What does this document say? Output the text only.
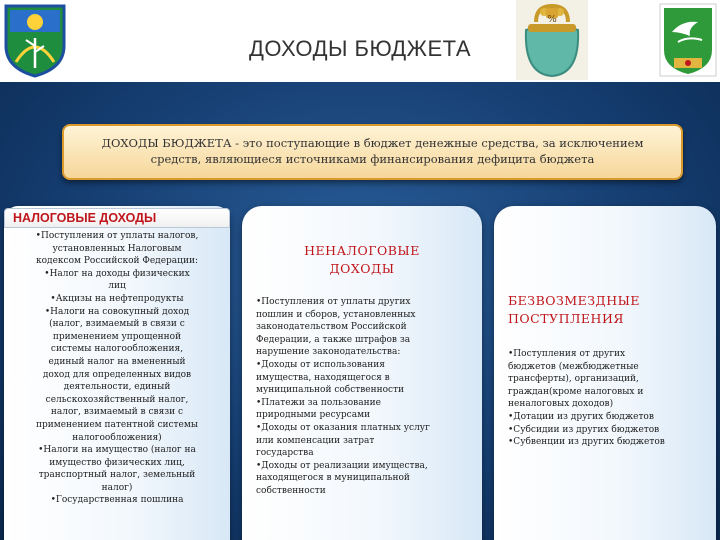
ДОХОДЫ БЮДЖЕТА
%
ДОХОДЫ БЮДЖЕТА - это поступающие в бюджет денежные средства, за исключением средств, являющиеся источниками финансирования дефицита бюджета
НАЛОГОВЫЕ ДОХОДЫ
•Поступления от уплаты налогов,
установленных Налоговым
кодексом Российской Федерации:
•Налог на доходы физических
лиц
•Акцизы на нефтепродукты
•Налоги на совокупный доход
(налог, взимаемый в связи с
применением упрощенной
системы налогообложения,
единый налог на вмененный
доход для определенных видов
деятельности, единый
сельскохозяйственный налог,
налог, взимаемый в связи с
применением патентной системы
налогообложения)
•Налоги на имущество (налог на
имущество физических лиц,
транспортный налог, земельный
налог)
•Государственная пошлина
НЕНАЛОГОВЫЕ
ДОХОДЫ
•Поступления от уплаты других
пошлин и сборов, установленных
законодательством Российской
Федерации, а также штрафов за
нарушение законодательства:
•Доходы от использования
имущества, находящегося в
муниципальной собственности
•Платежи за пользование
природными ресурсами
•Доходы от оказания платных услуг
или компенсации затрат
государства
•Доходы от реализации имущества,
находящегося в муниципальной
собственности
БЕЗВОЗМЕЗДНЫЕ
ПОСТУПЛЕНИЯ
•Поступления от других
бюджетов (межбюджетные
трансферты), организаций,
граждан(кроме налоговых и
неналоговых доходов)
•Дотации из других бюджетов
•Субсидии из других бюджетов
•Субвенции из других бюджетов
